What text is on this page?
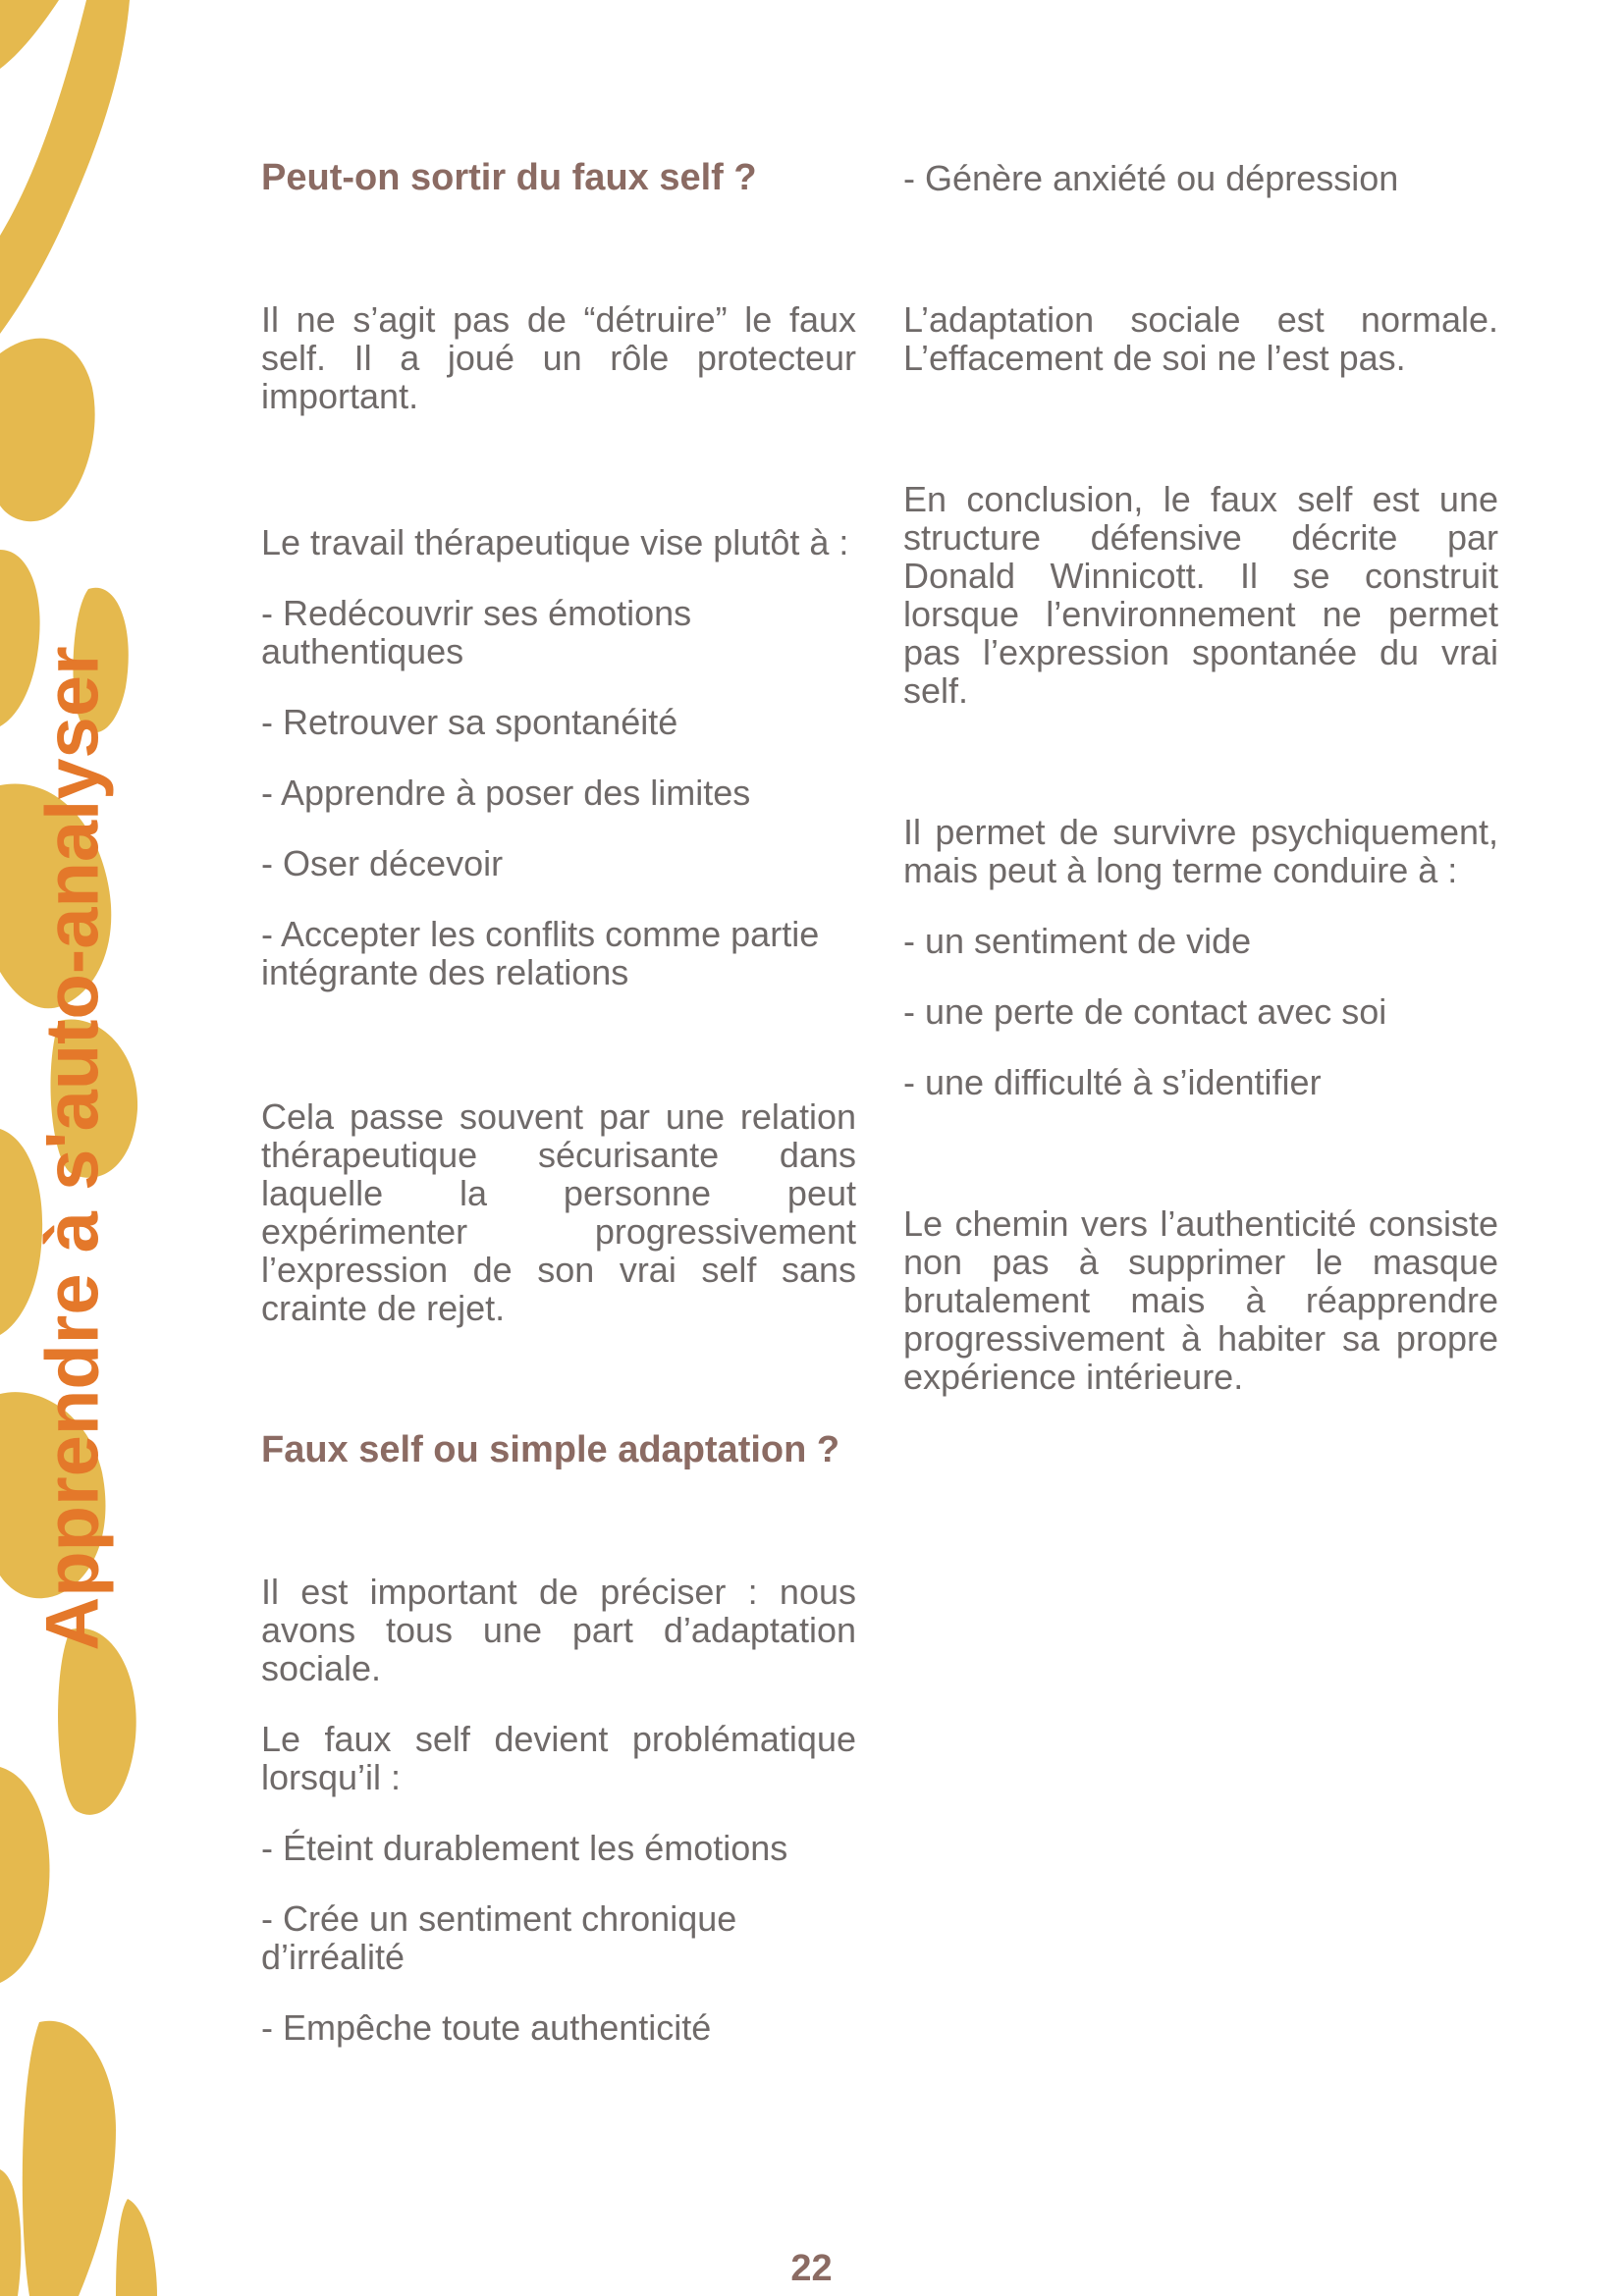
Apprendre à s'auto-analyser

Peut-on sortir du faux self ?

Il ne s’agit pas de “détruire” le faux self. Il a joué un rôle protecteur important.

Le travail thérapeutique vise plutôt à :

- Redécouvrir ses émotions authentiques

- Retrouver sa spontanéité

- Apprendre à poser des limites

- Oser décevoir

- Accepter les conflits comme partie intégrante des relations

Cela passe souvent par une relation thérapeutique sécurisante dans laquelle la personne peut expérimenter progressivement l’expression de son vrai self sans crainte de rejet.

Faux self ou simple adaptation ?

Il est important de préciser : nous avons tous une part d’adaptation sociale.

Le faux self devient problématique lorsqu’il :

- Éteint durablement les émotions

- Crée un sentiment chronique d’irréalité

- Empêche toute authenticité

- Génère anxiété ou dépression

L’adaptation sociale est normale. L’effacement de soi ne l’est pas.

En conclusion, le faux self est une structure défensive décrite par Donald Winnicott. Il se construit lorsque l’environnement ne permet pas l’expression spontanée du vrai self.

Il permet de survivre psychiquement, mais peut à long terme conduire à :

- un sentiment de vide

- une perte de contact avec soi

- une difficulté à s’identifier

Le chemin vers l’authenticité consiste non pas à supprimer le masque brutalement mais à réapprendre progressivement à habiter sa propre expérience intérieure.

22
